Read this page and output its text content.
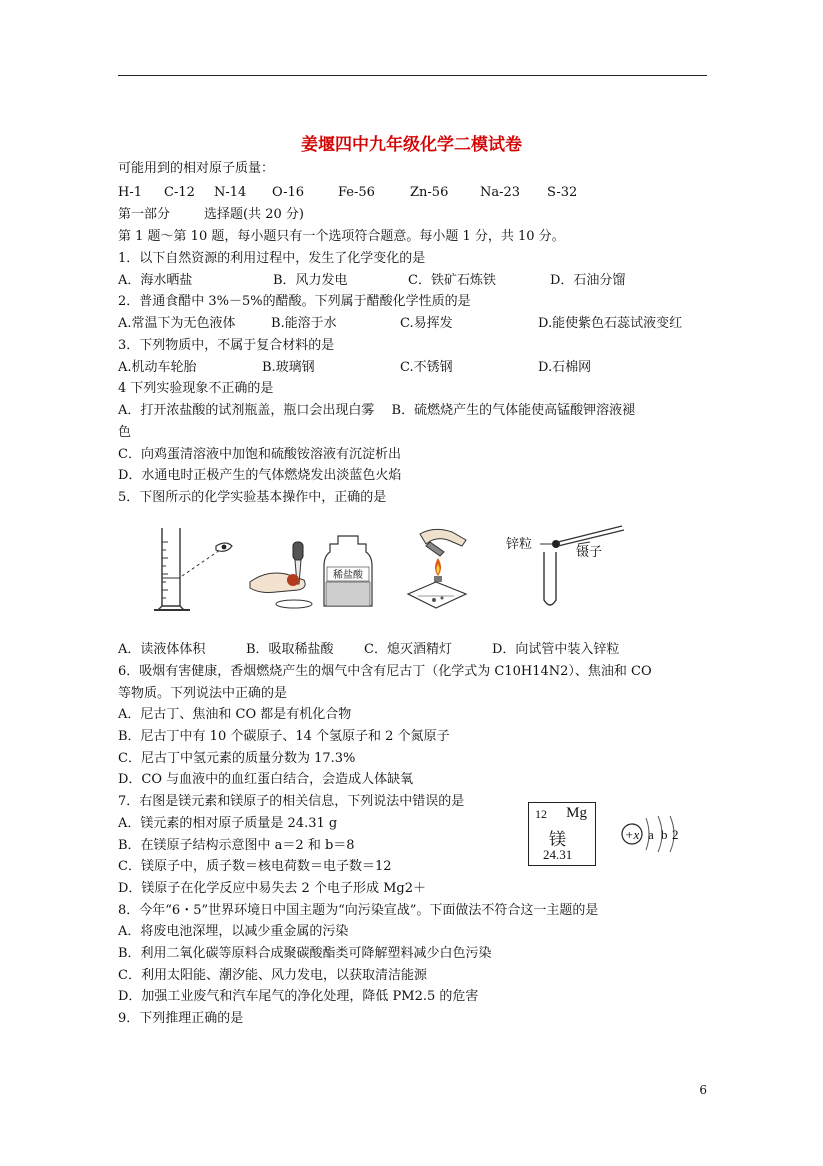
姜堰四中九年级化学二模试卷
可能用到的相对原子质量：
H-1 C-12 N-14 O-16	Fe-56	Zn-56 Na-23 S-32
第一部分	选择题(共 20 分)
第 1 题～第 10 题，每小题只有一个选项符合题意。每小题 1 分，共 10 分。
1．以下自然资源的利用过程中，发生了化学变化的是
A．海水晒盐	B．风力发电	C．铁矿石炼铁	D．石油分馏
2．普通食醋中 3%－5%的醋酸。下列属于醋酸化学性质的是
A.常温下为无色液体	B.能溶于水	C.易挥发	D.能使紫色石蕊试液变红
3．下列物质中，不属于复合材料的是
A.机动车轮胎	B.玻璃钢	C.不锈钢	D.石棉网
4 下列实验现象不正确的是
A．打开浓盐酸的试剂瓶盖，瓶口会出现白雾　 B．硫燃烧产生的气体能使高锰酸钾溶液褪
色
C．向鸡蛋清溶液中加饱和硫酸铵溶液有沉淀析出
D．水通电时正极产生的气体燃烧发出淡蓝色火焰
5．下图所示的化学实验基本操作中，正确的是
稀盐酸
锌粒
镊子
A．读液体体积	B．吸取稀盐酸 C．熄灭酒精灯	D．向试管中装入锌粒
6．吸烟有害健康，香烟燃烧产生的烟气中含有尼古丁（化学式为 C10H14N2）、焦油和 CO
等物质。下列说法中正确的是
A．尼古丁、焦油和 CO 都是有机化合物
B．尼古丁中有 10 个碳原子、14 个氢原子和 2 个氮原子
C．尼古丁中氢元素的质量分数为 17.3%
D．CO 与血液中的血红蛋白结合，会造成人体缺氧
7．右图是镁元素和镁原子的相关信息，下列说法中错误的是
A．镁元素的相对原子质量是 24.31 g
B．在镁原子结构示意图中 a＝2 和 b＝8
C．镁原子中，质子数＝核电荷数＝电子数＝12
D．镁原子在化学反应中易失去 2 个电子形成 Mg2＋
12 Mg
镁
24.31
+x a b 2
8．今年“6・5”世界环境日中国主题为“向污染宣战”。下面做法不符合这一主题的是
A．将废电池深埋，以减少重金属的污染
B．利用二氧化碳等原料合成聚碳酸酯类可降解塑料减少白色污染
C．利用太阳能、潮汐能、风力发电，以获取清洁能源
D．加强工业废气和汽车尾气的净化处理，降低 PM2.5 的危害
9．下列推理正确的是
6
